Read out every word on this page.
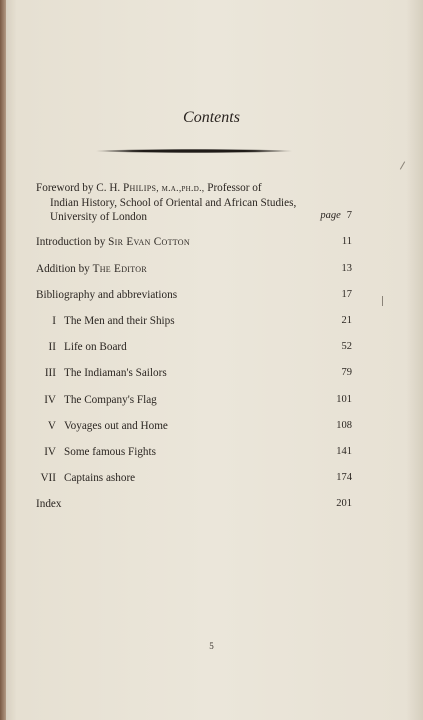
Contents
Foreword by C. H. Philips, m.a.,ph.d., Professor of
Indian History, School of Oriental and African Studies,
University of London	page 7
Introduction by Sir Evan Cotton	11
Addition by The Editor	13
Bibliography and abbreviations	17
I The Men and their Ships	21
II Life on Board	52
III The Indiaman's Sailors	79
IV The Company's Flag	101
V Voyages out and Home	108
IV Some famous Fights	141
VII Captains ashore	174
Index	201
5
